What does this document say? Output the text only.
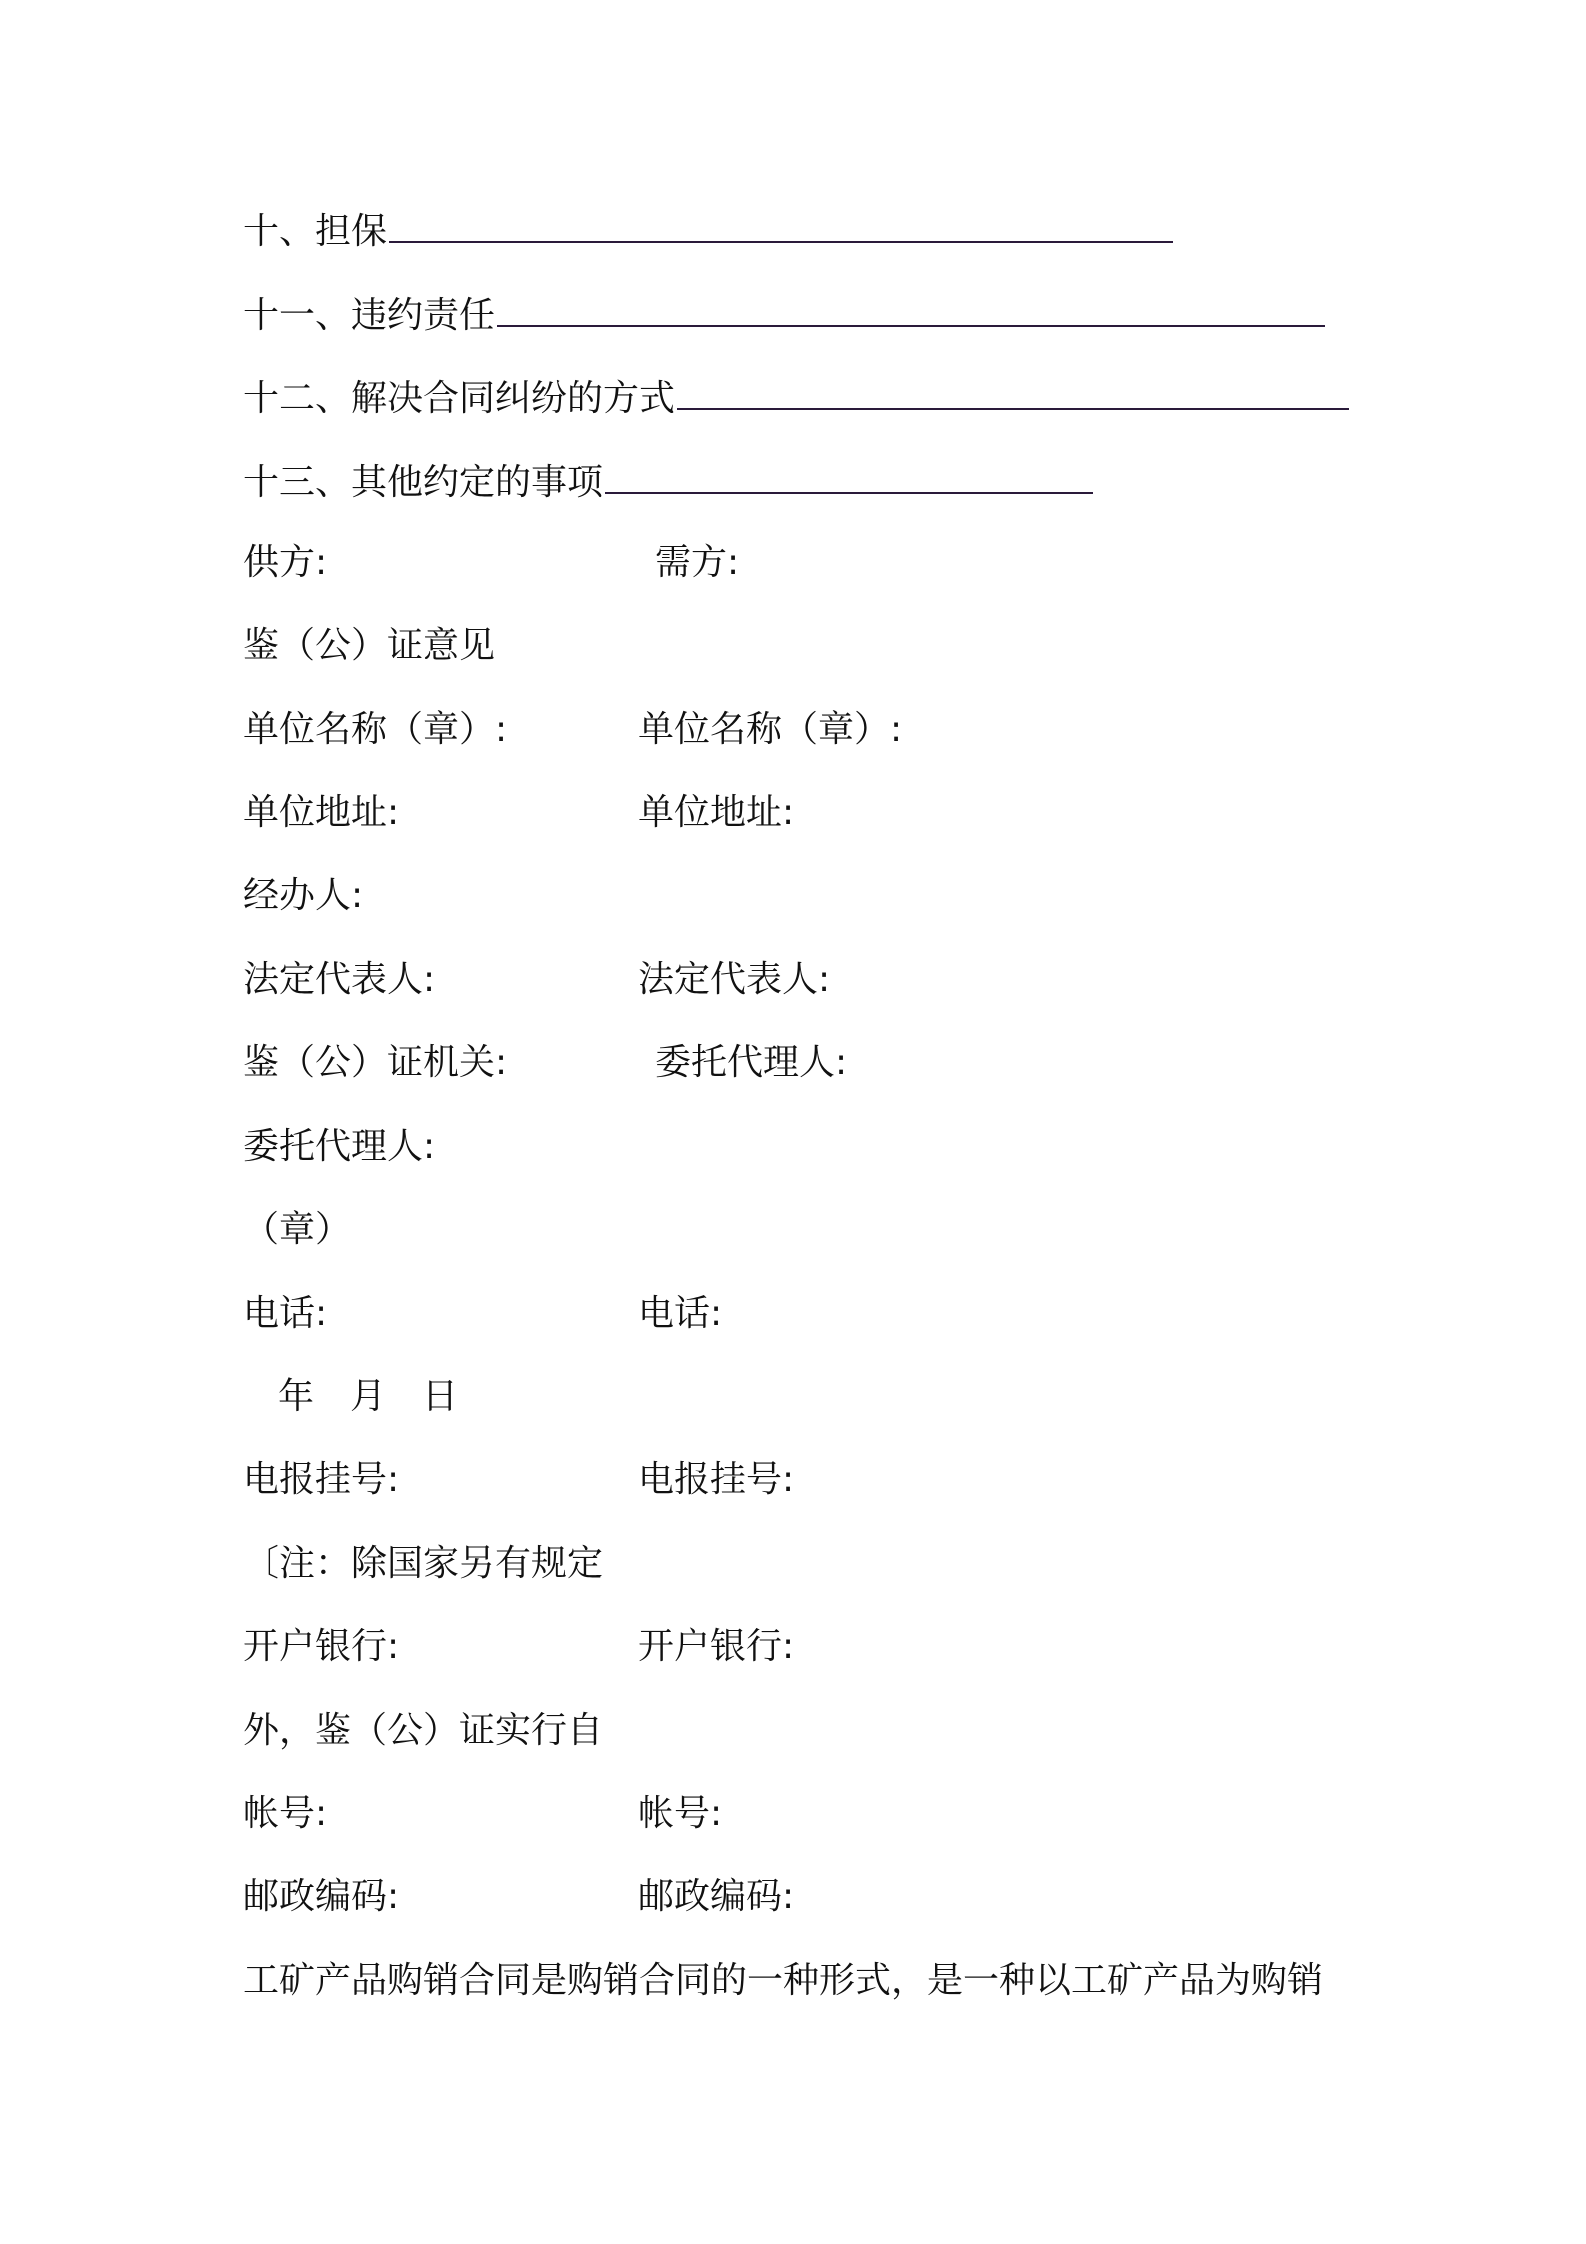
十、担保
十一、违约责任
十二、解决合同纠纷的方式
十三、其他约定的事项
供方:	需方:
鉴（公）证意见
单位名称（章）:	单位名称（章）:
单位地址:	单位地址:
经办人:
法定代表人:	法定代表人:
鉴（公）证机关:	委托代理人:
委托代理人:
（章）
电话:	电话:
年　月　日
电报挂号:	电报挂号:
〔注：除国家另有规定
开户银行:	开户银行:
外，鉴（公）证实行自
帐号:	帐号:
邮政编码:	邮政编码:
工矿产品购销合同是购销合同的一种形式，是一种以工矿产品为购销
